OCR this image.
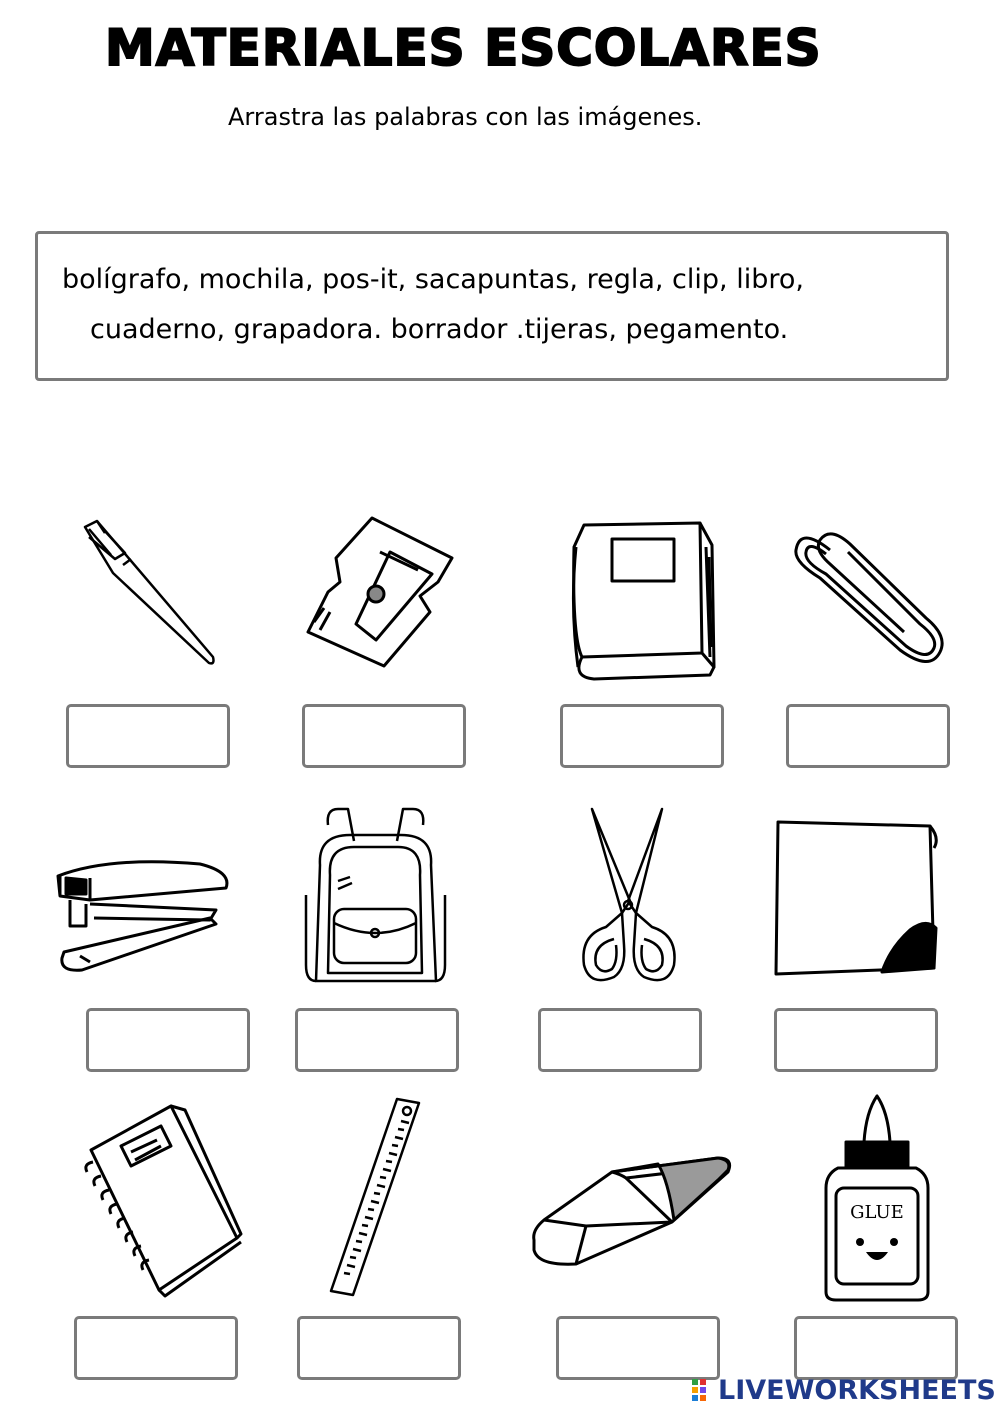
MATERIALES ESCOLARES
Arrastra las palabras con las imágenes.
bolígrafo, mochila, pos-it, sacapuntas, regla, clip, libro,
cuaderno, grapadora. borrador .tijeras, pegamento.
GLUE
LIVEWORKSHEETS
